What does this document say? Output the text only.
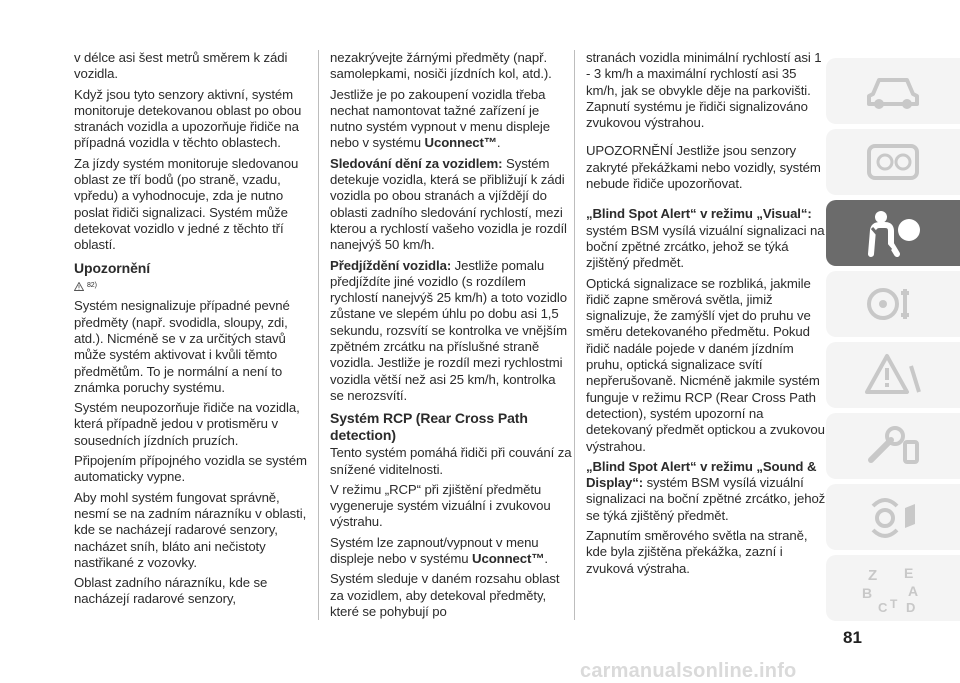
v délce asi šest metrů směrem k zádi vozidla.

Když jsou tyto senzory aktivní, systém monitoruje detekovanou oblast po obou stranách vozidla a upozorňuje řidiče na případná vozidla v těchto oblastech.

Za jízdy systém monitoruje sledovanou oblast ze tří bodů (po straně, vzadu, vpředu) a vyhodnocuje, zda je nutno poslat řidiči signalizaci. Systém může detekovat vozidlo v jedné z těchto tří oblastí.

Upozornění
82)

Systém nesignalizuje případné pevné předměty (např. svodidla, sloupy, zdi, atd.). Nicméně se v za určitých stavů může systém aktivovat i kvůli těmto předmětům. To je normální a není to známka poruchy systému.

Systém neupozorňuje řidiče na vozidla, která případně jedou v protisměru v sousedních jízdních pruzích.

Připojením přípojného vozidla se systém automaticky vypne.

Aby mohl systém fungovat správně, nesmí se na zadním nárazníku v oblasti, kde se nacházejí radarové senzory, nacházet sníh, bláto ani nečistoty nastřikané z vozovky.

Oblast zadního nárazníku, kde se nacházejí radarové senzory,

nezakrývejte žárnými předměty (např. samolepkami, nosiči jízdních kol, atd.).

Jestliže je po zakoupení vozidla třeba nechat namontovat tažné zařízení je nutno systém vypnout v menu displeje nebo v systému Uconnect™.

Sledování dění za vozidlem: Systém detekuje vozidla, která se přibližují k zádi vozidla po obou stranách a vjíždějí do oblasti zadního sledování rychlostí, mezi kterou a rychlostí vašeho vozidla je rozdíl nanejvýš 50 km/h.

Předjíždění vozidla: Jestliže pomalu předjíždíte jiné vozidlo (s rozdílem rychlostí nanejvýš 25 km/h) a toto vozidlo zůstane ve slepém úhlu po dobu asi 1,5 sekundu, rozsvítí se kontrolka ve vnějším zpětném zrcátku na příslušné straně vozidla. Jestliže je rozdíl mezi rychlostmi vozidla větší než asi 25 km/h, kontrolka se nerozsvítí.

Systém RCP (Rear Cross Path detection)

Tento systém pomáhá řidiči při couvání za snížené viditelnosti.

V režimu „RCP“ při zjištění předmětu vygeneruje systém vizuální i zvukovou výstrahu.

Systém lze zapnout/vypnout v menu displeje nebo v systému Uconnect™.

Systém sleduje v daném rozsahu oblast za vozidlem, aby detekoval předměty, které se pohybují po

stranách vozidla minimální rychlostí asi 1 - 3 km/h a maximální rychlostí asi 35 km/h, jak se obvykle děje na parkovišti. Zapnutí systému je řidiči signalizováno zvukovou výstrahou.

UPOZORNĚNÍ Jestliže jsou senzory zakryté překážkami nebo vozidly, systém nebude řidiče upozorňovat.

„Blind Spot Alert“ v režimu „Visual“: systém BSM vysílá vizuální signalizaci na boční zpětné zrcátko, jehož se týká zjištěný předmět.

Optická signalizace se rozbliká, jakmile řidič zapne směrová světla, jimiž signalizuje, že zamýšlí vjet do pruhu ve směru detekovaného předmětu. Pokud řidič nadále pojede v daném jízdním pruhu, optická signalizace svítí nepřerušovaně. Nicméně jakmile systém funguje v režimu RCP (Rear Cross Path detection), systém upozorní na detekovaný předmět optickou a zvukovou výstrahou.

„Blind Spot Alert“ v režimu „Sound & Display“: systém BSM vysílá vizuální signalizaci na boční zpětné zrcátko, jehož se týká zjištěný předmět.

Zapnutím směrového světla na straně, kde byla zjištěna překážka, zazní i zvuková výstraha.	Z E
B	A
C D
T
81
carmanualsonline.info
